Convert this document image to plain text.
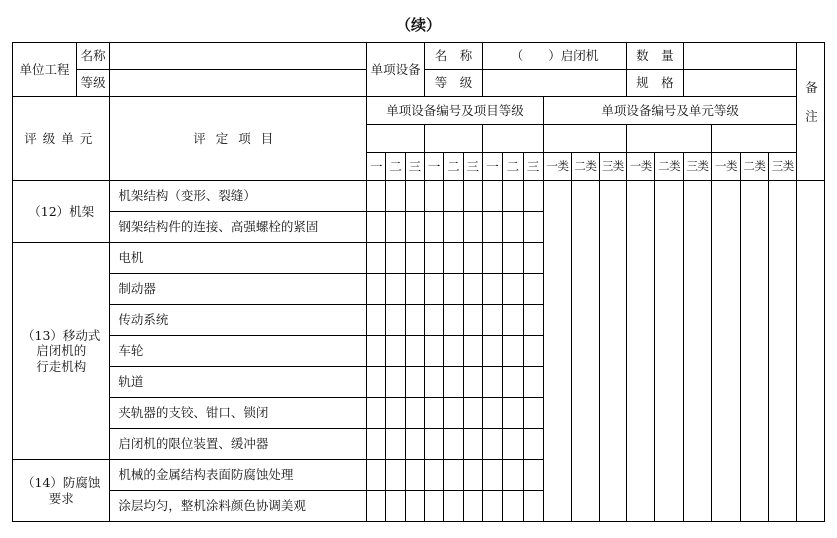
（续）
单位工程	名称		单项设备			名　称			（　　）启闭机						数　量						备注
	等级					等　级									规　格						
评级单元		评定项目	单项设备编号及项目等级									单项设备编号及单元等级									

			一	二	三	一	二	三	一	二	三	一类	二类	三类	一类	二类	三类	一类	二类	三类	
（12）机架		机架结构（变形、裂缝）																			
		钢架结构件的连接、高强螺栓的紧固																			

（13）移动式
启闭机的
行走机构		电机																			
		制动器																			
		传动系统																			
		车轮																			
		轨道																			
		夹轨器的支铰、钳口、锁闭																			
		启闭机的限位装置、缓冲器																			

（14）防腐蚀
要求		机械的金属结构表面防腐蚀处理																			
		涂层均匀，整机涂料颜色协调美观																			
